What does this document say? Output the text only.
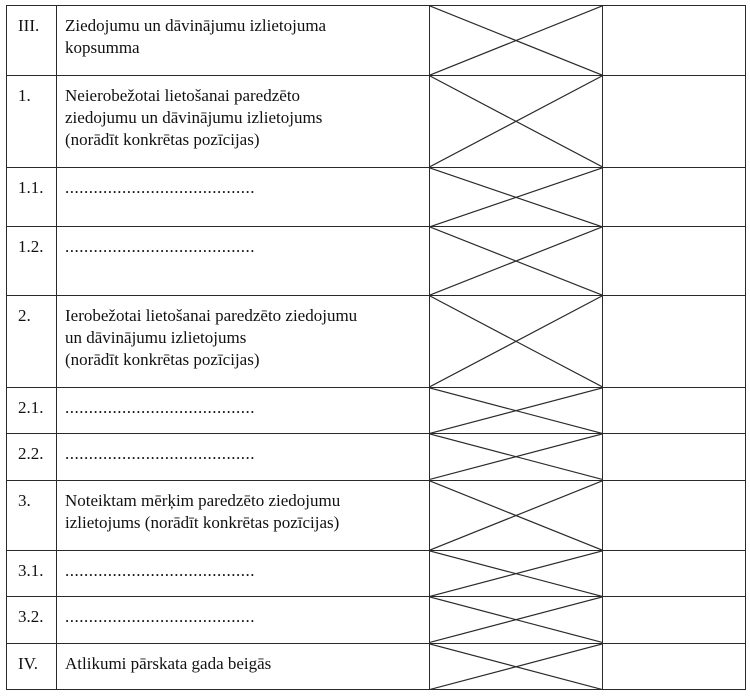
III.	Ziedojumu un dāvinājumu izlietojuma
kopsumma

1.	Neierobežotai lietošanai paredzēto
ziedojumu un dāvinājumu izlietojums
(norādīt konkrētas pozīcijas)

1.1.	........................................

1.2.	........................................

2.	Ierobežotai lietošanai paredzēto ziedojumu
un dāvinājumu izlietojums
(norādīt konkrētas pozīcijas)

2.1.	........................................

2.2.	........................................

3.	Noteiktam mērķim paredzēto ziedojumu
izlietojums (norādīt konkrētas pozīcijas)

3.1.	........................................

3.2.	........................................

IV.	Atlikumi pārskata gada beigās
